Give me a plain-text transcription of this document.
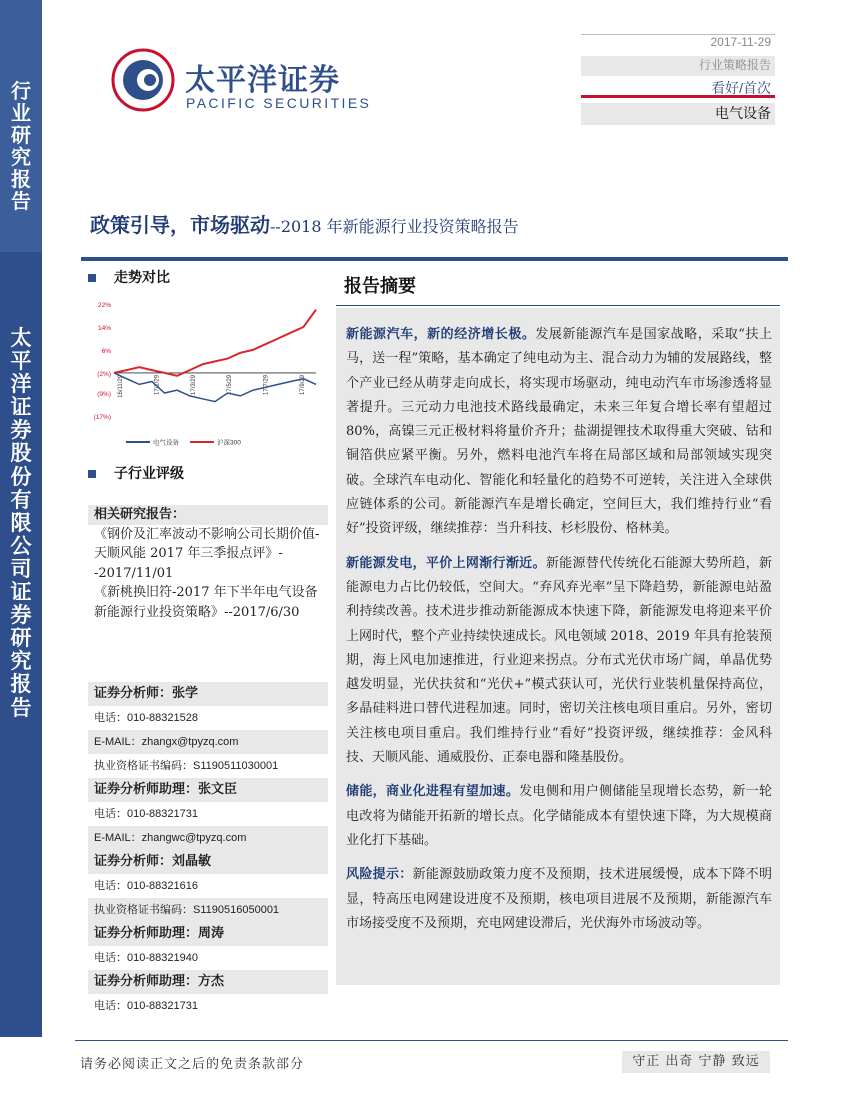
行
业
研
究
报
告
太
平
洋
证
券
股
份
有
限
公
司
证
券
研
究
报
告
太平洋证券
PACIFIC SECURITIES
2017-11-29
行业策略报告
看好/首次
电气设备
政策引导，市场驱动--2018 年新能源行业投资策略报告
走势对比
22%
14%
6%
(2%)
(9%)
(17%)
16/11/29	17/1/29	17/3/29	17/5/29	17/7/29	17/9/29
电气设备	沪深300
子行业评级
相关研究报告：
《钢价及汇率波动不影响公司长期价值-天顺风能 2017 年三季报点评》--2017/11/01
《新桃换旧符-2017 年下半年电气设备新能源行业投资策略》--2017/6/30
证券分析师：张学
电话：010-88321528
E-MAIL：zhangx@tpyzq.com
执业资格证书编码：S1190511030001
证券分析师助理：张文臣
电话：010-88321731
E-MAIL：zhangwc@tpyzq.com
证券分析师：刘晶敏
电话：010-88321616
执业资格证书编码：S1190516050001
证券分析师助理：周涛
电话：010-88321940
证券分析师助理：方杰
电话：010-88321731
报告摘要

新能源汽车，新的经济增长极。发展新能源汽车是国家战略，采取“扶上马，送一程”策略，基本确定了纯电动为主、混合动力为辅的发展路线，整个产业已经从萌芽走向成长，将实现市场驱动，纯电动汽车市场渗透将显著提升。三元动力电池技术路线最确定，未来三年复合增长率有望超过 80%，高镍三元正极材料将量价齐升；盐湖提锂技术取得重大突破、钴和铜箔供应紧平衡。另外，燃料电池汽车将在局部区域和局部领域实现突破。全球汽车电动化、智能化和轻量化的趋势不可逆转，关注进入全球供应链体系的公司。新能源汽车是增长确定，空间巨大，我们维持行业“看好”投资评级，继续推荐：当升科技、杉杉股份、格林美。

新能源发电，平价上网渐行渐近。新能源替代传统化石能源大势所趋，新能源电力占比仍较低，空间大。“弃风弃光率”呈下降趋势，新能源电站盈利持续改善。技术进步推动新能源成本快速下降，新能源发电将迎来平价上网时代，整个产业持续快速成长。风电领域 2018、2019 年具有抢装预期，海上风电加速推进，行业迎来拐点。分布式光伏市场广阔，单晶优势越发明显，光伏扶贫和“光伏+”模式获认可，光伏行业装机量保持高位，多晶硅料进口替代进程加速。同时，密切关注核电项目重启。另外，密切关注核电项目重启。我们维持行业“看好”投资评级，继续推荐：金风科技、天顺风能、通威股份、正泰电器和隆基股份。

储能，商业化进程有望加速。发电侧和用户侧储能呈现增长态势，新一轮电改将为储能开拓新的增长点。化学储能成本有望快速下降，为大规模商业化打下基础。

风险提示：新能源鼓励政策力度不及预期，技术进展缓慢，成本下降不明显，特高压电网建设进度不及预期，核电项目进展不及预期，新能源汽车市场接受度不及预期，充电网建设滞后，光伏海外市场波动等。

请务必阅读正文之后的免责条款部分	守正 出奇 宁静 致远
